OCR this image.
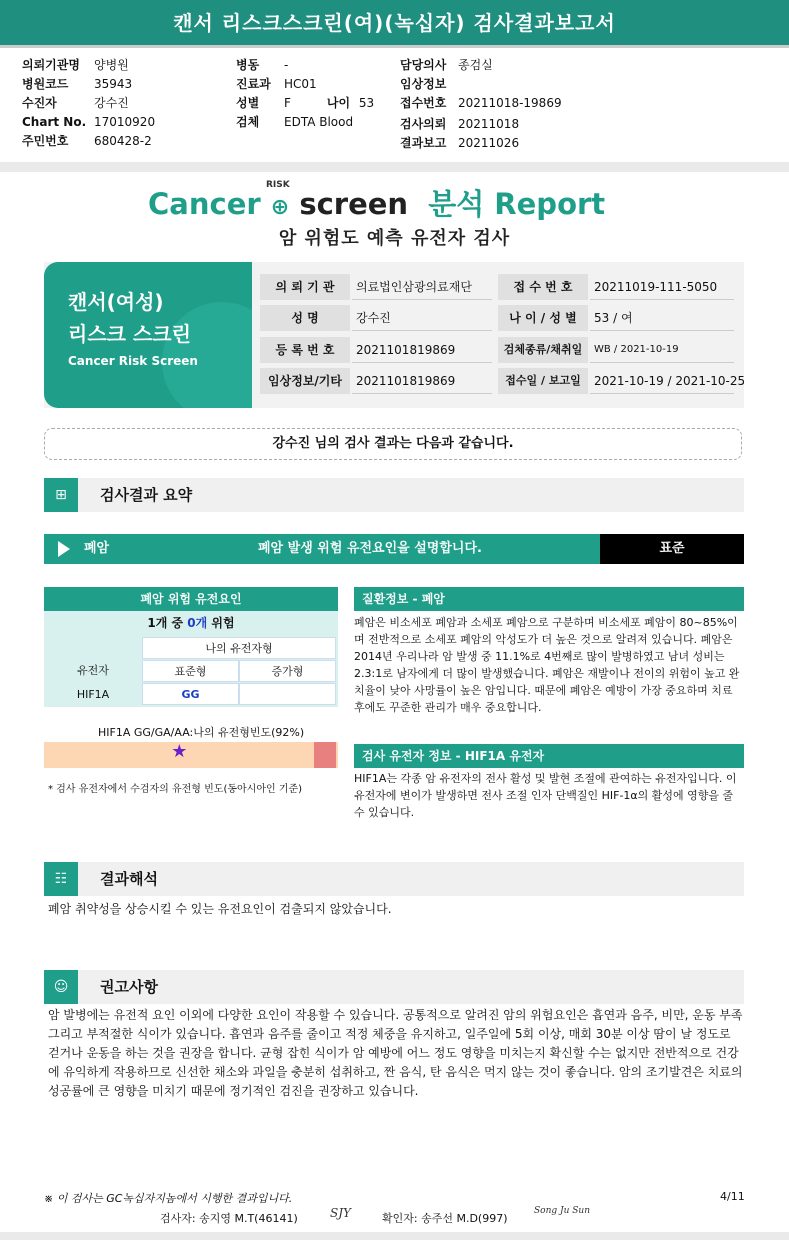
캔서 리스크스크린(여)(녹십자) 검사결과보고서
의뢰기관명 양병원
병원코드 35943
수진자	강수진
Chart No. 17010920
주민번호 680428-2
병동 -
진료과 HC01
성별 F	나이 53
검체 EDTA Blood
담당의사 종검실
임상정보
접수번호 20211018-19869
검사의뢰 20211018
결과보고 20211026
Cancer
RISK
⊕ screen 분석 Report
암 위험도 예측 유전자 검사
캔서(여성)
리스크 스크린
Cancer Risk Screen
의 뢰 기 관	의료법인삼광의료재단	접 수 번 호	20211019-111-5050
성 명	강수진	나 이 / 성 별	53 / 여
등 록 번 호	2021101819869	검체종류/채취일	WB / 2021-10-19
임상정보/기타	2021101819869	접수일 / 보고일	2021-10-19 / 2021-10-25
강수진 님의 검사 결과는 다음과 같습니다.
⊞	검사결과 요약
폐암	폐암 발생 위험 유전요인을 설명합니다.	표준
폐암 위험 유전요인
1개 중 0개 위험
나의 유전자형
유전자	표준형	증가형
HIF1A	GG
HIF1A GG/GA/AA:나의 유전형빈도(92%)
★
* 검사 유전자에서 수검자의 유전형 빈도(동아시아인 기준)
질환정보 - 폐암
폐암은 비소세포 폐암과 소세포 폐암으로 구분하며 비소세포 폐암이 80~85%이며 전반적으로 소세포 폐암의 악성도가 더 높은 것으로 알려져 있습니다. 폐암은 2014년 우리나라 암 발생 중 11.1%로 4번째로 많이 발병하였고 남녀 성비는 2.3:1로 남자에게 더 많이 발생했습니다. 폐암은 재발이나 전이의 위험이 높고 완치율이 낮아 사망률이 높은 암입니다. 때문에 폐암은 예방이 가장 중요하며 치료 후에도 꾸준한 관리가 매우 중요합니다.
검사 유전자 정보 - HIF1A 유전자
HIF1A는 각종 암 유전자의 전사 활성 및 발현 조절에 관여하는 유전자입니다. 이 유전자에 변이가 발생하면 전사 조절 인자 단백질인 HIF-1α의 활성에 영향을 줄 수 있습니다.
☷	결과해석
폐암 취약성을 상승시킬 수 있는 유전요인이 검출되지 않았습니다.
☺	권고사항
암 발병에는 유전적 요인 이외에 다양한 요인이 작용할 수 있습니다. 공통적으로 알려진 암의 위험요인은 흡연과 음주, 비만, 운동 부족 그리고 부적절한 식이가 있습니다. 흡연과 음주를 줄이고 적정 체중을 유지하고, 일주일에 5회 이상, 매회 30분 이상 땀이 날 정도로 걷거나 운동을 하는 것을 권장을 합니다. 균형 잡힌 식이가 암 예방에 어느 정도 영향을 미치는지 확신할 수는 없지만 전반적으로 건강에 유익하게 작용하므로 신선한 채소와 과일을 충분히 섭취하고, 짠 음식, 탄 음식은 먹지 않는 것이 좋습니다. 암의 조기발견은 치료의 성공률에 큰 영향을 미치기 때문에 정기적인 검진을 권장하고 있습니다.
※ 이 검사는 GC녹십자지놈에서 시행한 결과입니다.	4/11
검사자: 송지영 M.T(46141)	SJY	확인자: 송주선 M.D(997)
Song Ju Sun
